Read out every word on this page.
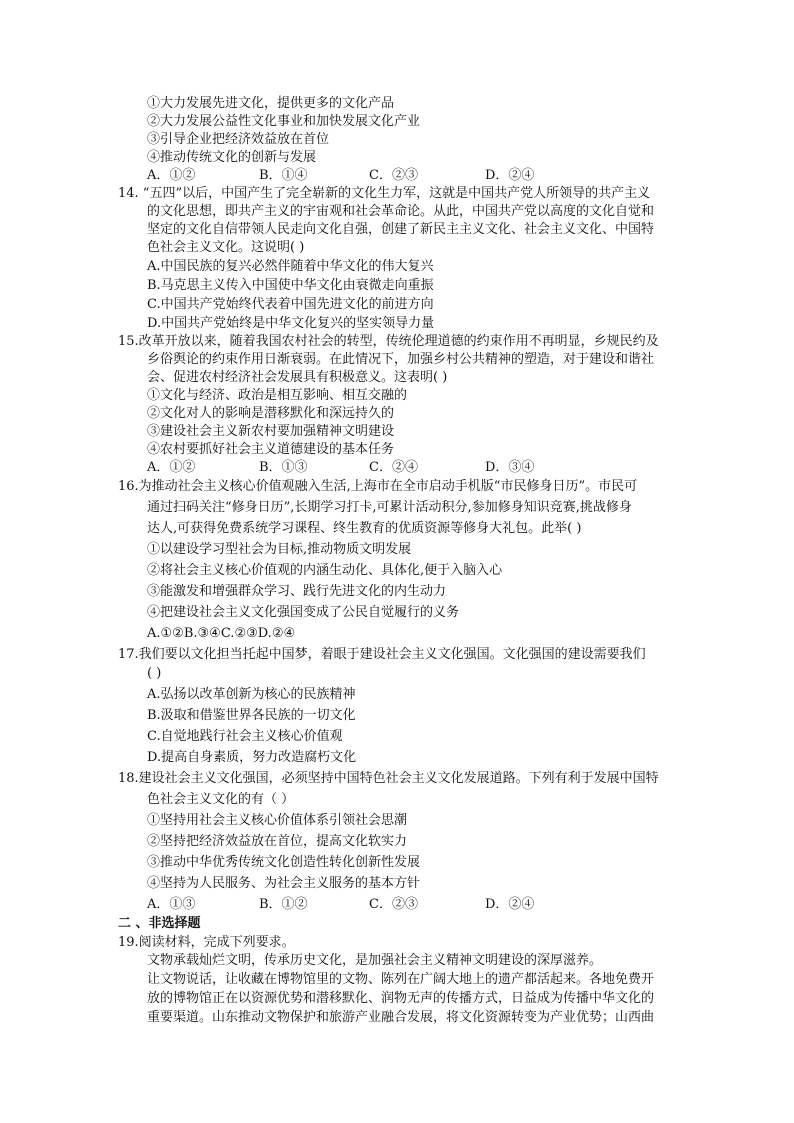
①大力发展先进文化，提供更多的文化产品
②大力发展公益性文化事业和加快发展文化产业
③引导企业把经济效益放在首位
④推动传统文化的创新与发展
A．①②	B．①④	C．②③	D．②④
14. “五四”以后，中国产生了完全崭新的文化生力军，这就是中国共产党人所领导的共产主义
的文化思想，即共产主义的宇宙观和社会革命论。从此，中国共产党以高度的文化自觉和
坚定的文化自信带领人民走向文化自强，创建了新民主主义文化、社会主义文化、中国特
色社会主义文化。这说明( )
A.中国民族的复兴必然伴随着中华文化的伟大复兴
B.马克思主义传入中国使中华文化由衰微走向重振
C.中国共产党始终代表着中国先进文化的前进方向
D.中国共产党始终是中华文化复兴的坚实领导力量
15.改革开放以来，随着我国农村社会的转型，传统伦理道德的约束作用不再明显，乡规民约及
乡俗舆论的约束作用日渐衰弱。在此情况下，加强乡村公共精神的塑造，对于建设和谐社
会、促进农村经济社会发展具有积极意义。这表明( )
①文化与经济、政治是相互影响、相互交融的
②文化对人的影响是潜移默化和深远持久的
③建设社会主义新农村要加强精神文明建设
④农村要抓好社会主义道德建设的基本任务
A．①②	B．①③	C．②④	D．③④
16.为推动社会主义核心价值观融入生活,上海市在全市启动手机版“市民修身日历”。市民可
通过扫码关注“修身日历”,长期学习打卡,可累计活动积分,参加修身知识竞赛,挑战修身
达人,可获得免费系统学习课程、终生教育的优质资源等修身大礼包。此举( )
①以建设学习型社会为目标,推动物质文明发展
②将社会主义核心价值观的内涵生动化、具体化,便于入脑入心
③能激发和增强群众学习、践行先进文化的内生动力
④把建设社会主义文化强国变成了公民自觉履行的义务
A.①②B.③④C.②③D.②④
17.我们要以文化担当托起中国梦，着眼于建设社会主义文化强国。文化强国的建设需要我们
( )
A.弘扬以改革创新为核心的民族精神
B.汲取和借鉴世界各民族的一切文化
C.自觉地践行社会主义核心价值观
D.提高自身素质，努力改造腐朽文化
18.建设社会主义文化强国，必须坚持中国特色社会主义文化发展道路。下列有利于发展中国特
色社会主义文化的有（ ）
①坚持用社会主义核心价值体系引领社会思潮
②坚持把经济效益放在首位，提高文化软实力
③推动中华优秀传统文化创造性转化创新性发展
④坚持为人民服务、为社会主义服务的基本方针
A．①③	B．①②	C．②③	D．②④
二 、非选择题
19.阅读材料，完成下列要求。
文物承载灿烂文明，传承历史文化，是加强社会主义精神文明建设的深厚滋养。
让文物说话，让收藏在博物馆里的文物、陈列在广阔大地上的遗产都活起来。各地免费开
放的博物馆正在以资源优势和潜移默化、润物无声的传播方式，日益成为传播中华文化的
重要渠道。山东推动文物保护和旅游产业融合发展，将文化资源转变为产业优势；山西曲
